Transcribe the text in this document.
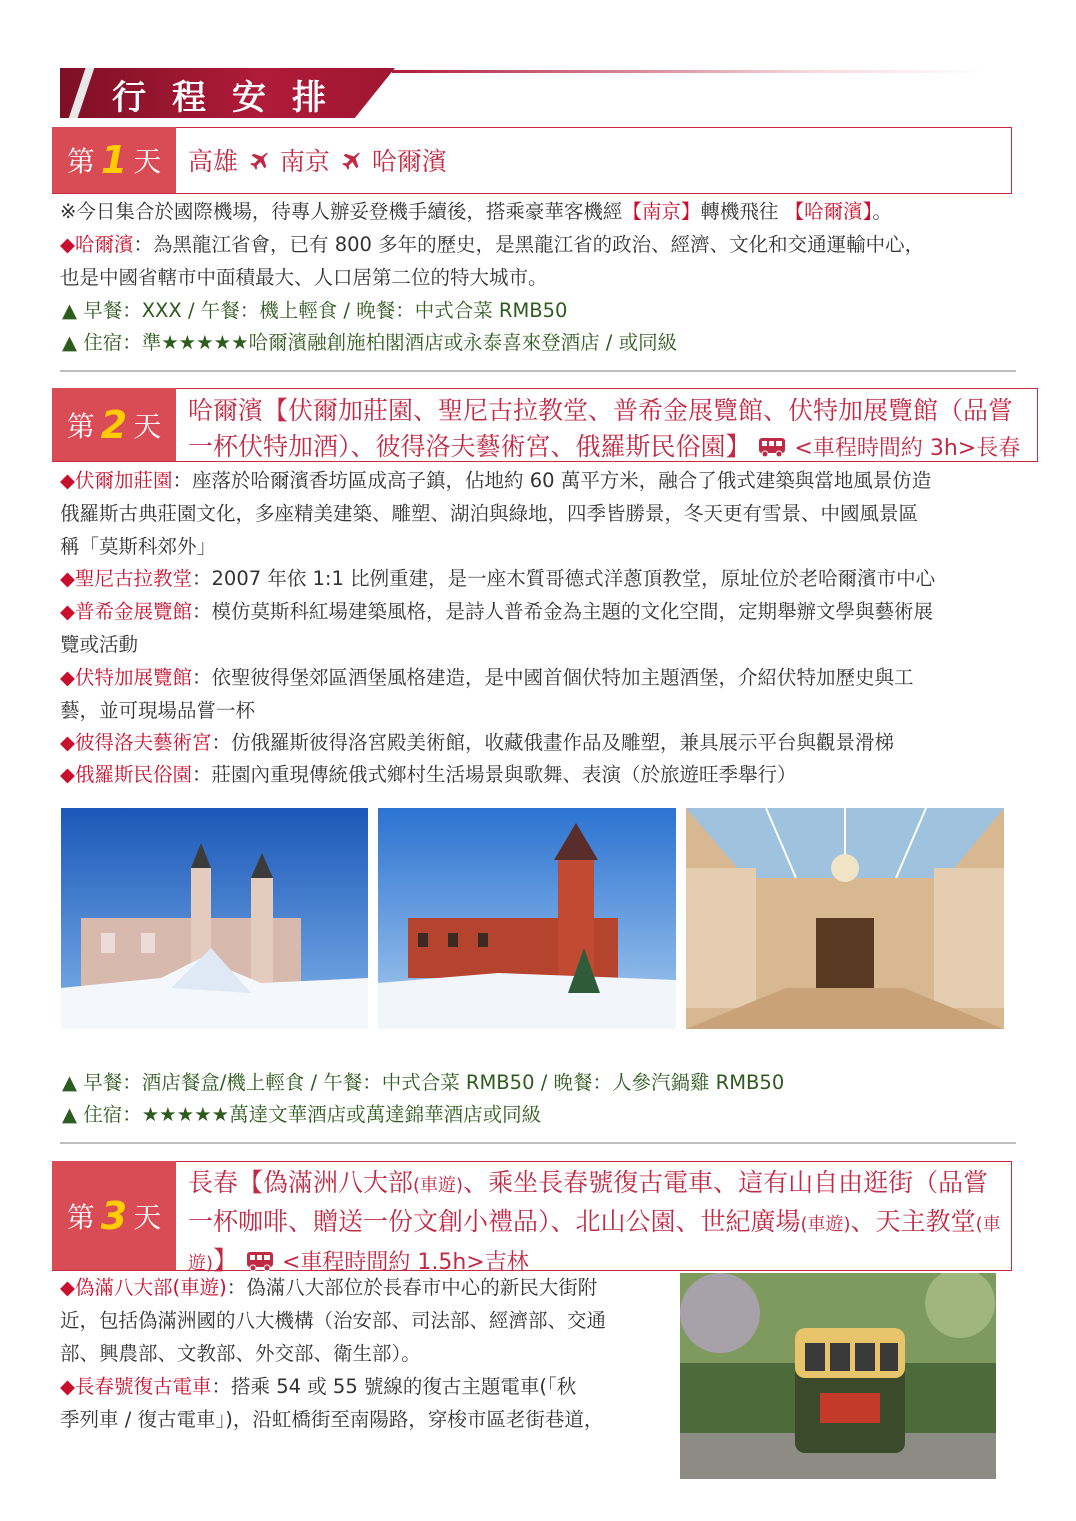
行程安排
第 1 天 高雄 南京 哈爾濱
※今日集合於國際機場，待專人辦妥登機手續後，搭乘豪華客機經【南京】轉機飛往 【哈爾濱】。
◆哈爾濱：為黑龍江省會，已有 800 多年的歷史，是黑龍江省的政治、經濟、文化和交通運輸中心，
也是中國省轄市中面積最大、人口居第二位的特大城市。
▲ 早餐：XXX / 午餐：機上輕食 / 晚餐：中式合菜 RMB50
▲ 住宿：準★★★★★哈爾濱融創施柏閣酒店或永泰喜來登酒店 / 或同級
第 2 天 哈爾濱【伏爾加莊園、聖尼古拉教堂、普希金展覽館、伏特加展覽館（品嘗
一杯伏特加酒）、彼得洛夫藝術宮、俄羅斯民俗園】 <車程時間約 3h>長春
◆伏爾加莊園：座落於哈爾濱香坊區成高子鎮，佔地約 60 萬平方米，融合了俄式建築與當地風景仿造
俄羅斯古典莊園文化，多座精美建築、雕塑、湖泊與綠地，四季皆勝景，冬天更有雪景、中國風景區
稱「莫斯科郊外」
◆聖尼古拉教堂：2007 年依 1:1 比例重建，是一座木質哥德式洋蔥頂教堂，原址位於老哈爾濱市中心
◆普希金展覽館：模仿莫斯科紅場建築風格，是詩人普希金為主題的文化空間，定期舉辦文學與藝術展
覽或活動
◆伏特加展覽館：依聖彼得堡郊區酒堡風格建造，是中國首個伏特加主題酒堡，介紹伏特加歷史與工
藝，並可現場品嘗一杯
◆彼得洛夫藝術宮：仿俄羅斯彼得洛宮殿美術館，收藏俄畫作品及雕塑，兼具展示平台與觀景滑梯
◆俄羅斯民俗園：莊園內重現傳統俄式鄉村生活場景與歌舞、表演（於旅遊旺季舉行）
▲ 早餐：酒店餐盒/機上輕食 / 午餐：中式合菜 RMB50 / 晚餐：人參汽鍋雞 RMB50
▲ 住宿：★★★★★萬達文華酒店或萬達錦華酒店或同級
第 3 天
長春【偽滿洲八大部(車遊)、乘坐長春號復古電車、這有山自由逛街（品嘗
一杯咖啡、贈送一份文創小禮品）、北山公園、世紀廣場(車遊)、天主教堂(車
遊)】 <車程時間約 1.5h>吉林
◆偽滿八大部(車遊)：偽滿八大部位於長春市中心的新民大街附
近，包括偽滿洲國的八大機構（治安部、司法部、經濟部、交通
部、興農部、文教部、外交部、衛生部）。
◆長春號復古電車：搭乘 54 或 55 號線的復古主題電車(「秋
季列車 / 復古電車」)，沿虹橋街至南陽路，穿梭市區老街巷道，
